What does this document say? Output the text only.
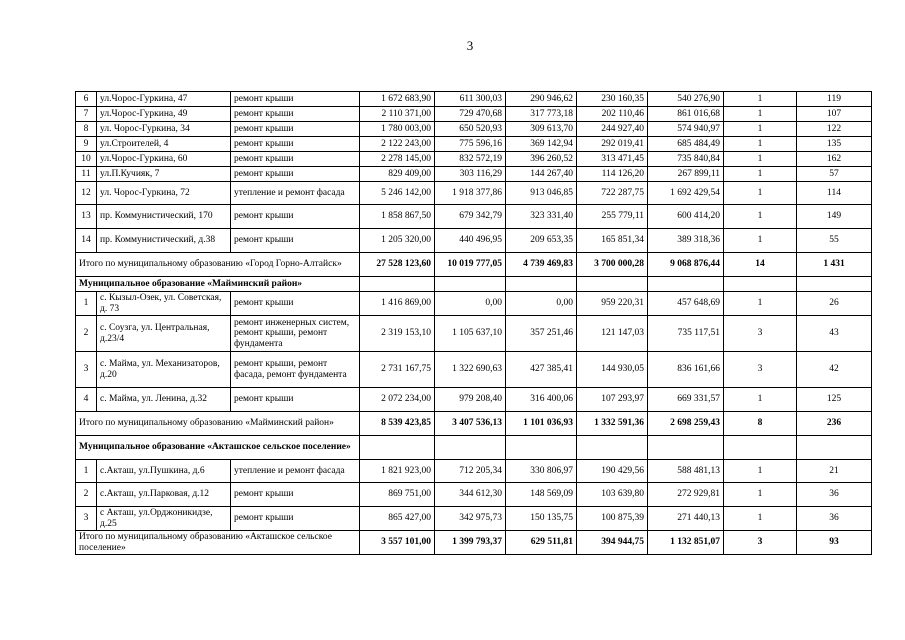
3
6	ул.Чорос-Гуркина, 47	ремонт крыши	1 672 683,90	611 300,03	290 946,62	230 160,35	540 276,90	1	119
7	ул.Чорос-Гуркина, 49	ремонт крыши	2 110 371,00	729 470,68	317 773,18	202 110,46	861 016,68	1	107
8	ул. Чорос-Гуркина, 34	ремонт крыши	1 780 003,00	650 520,93	309 613,70	244 927,40	574 940,97	1	122
9	ул.Строителей, 4	ремонт крыши	2 122 243,00	775 596,16	369 142,94	292 019,41	685 484,49	1	135
10	ул.Чорос-Гуркина, 60	ремонт крыши	2 278 145,00	832 572,19	396 260,52	313 471,45	735 840,84	1	162
11	ул.П.Кучияк, 7	ремонт крыши	829 409,00	303 116,29	144 267,40	114 126,20	267 899,11	1	57
12	ул. Чорос-Гуркина, 72	утепление и ремонт фасада	5 246 142,00	1 918 377,86	913 046,85	722 287,75	1 692 429,54	1	114
13	пр. Коммунистический, 170	ремонт крыши	1 858 867,50	679 342,79	323 331,40	255 779,11	600 414,20	1	149
14	пр. Коммунистический, д.38	ремонт крыши	1 205 320,00	440 496,95	209 653,35	165 851,34	389 318,36	1	55
Итого по муниципальному образованию «Город Горно-Алтайск»			27 528 123,60	10 019 777,05	4 739 469,83	3 700 000,28	9 068 876,44	14	1 431
Муниципальное образование «Майминский район»									
1	с. Кызыл-Озек, ул. Советская, д. 73	ремонт крыши	1 416 869,00	0,00	0,00	959 220,31	457 648,69	1	26
2	с. Соузга, ул. Центральная, д.23/4	ремонт инженерных систем, ремонт крыши, ремонт фундамента	2 319 153,10	1 105 637,10	357 251,46	121 147,03	735 117,51	3	43
3	с. Майма, ул. Механизаторов, д.20	ремонт крыши, ремонт фасада, ремонт фундамента	2 731 167,75	1 322 690,63	427 385,41	144 930,05	836 161,66	3	42
4	с. Майма, ул. Ленина, д.32	ремонт крыши	2 072 234,00	979 208,40	316 400,06	107 293,97	669 331,57	1	125
Итого по муниципальному образованию «Майминский район»			8 539 423,85	3 407 536,13	1 101 036,93	1 332 591,36	2 698 259,43	8	236
Муниципальное образование «Акташское сельское поселение»									
1	с.Акташ, ул.Пушкина, д.6	утепление и ремонт фасада	1 821 923,00	712 205,34	330 806,97	190 429,56	588 481,13	1	21
2	с.Акташ, ул.Парковая, д.12	ремонт крыши	869 751,00	344 612,30	148 569,09	103 639,80	272 929,81	1	36
3	с Акташ, ул.Орджоникидзе, д.25	ремонт крыши	865 427,00	342 975,73	150 135,75	100 875,39	271 440,13	1	36
Итого по муниципальному образованию «Акташское сельское поселение»			3 557 101,00	1 399 793,37	629 511,81	394 944,75	1 132 851,07	3	93
